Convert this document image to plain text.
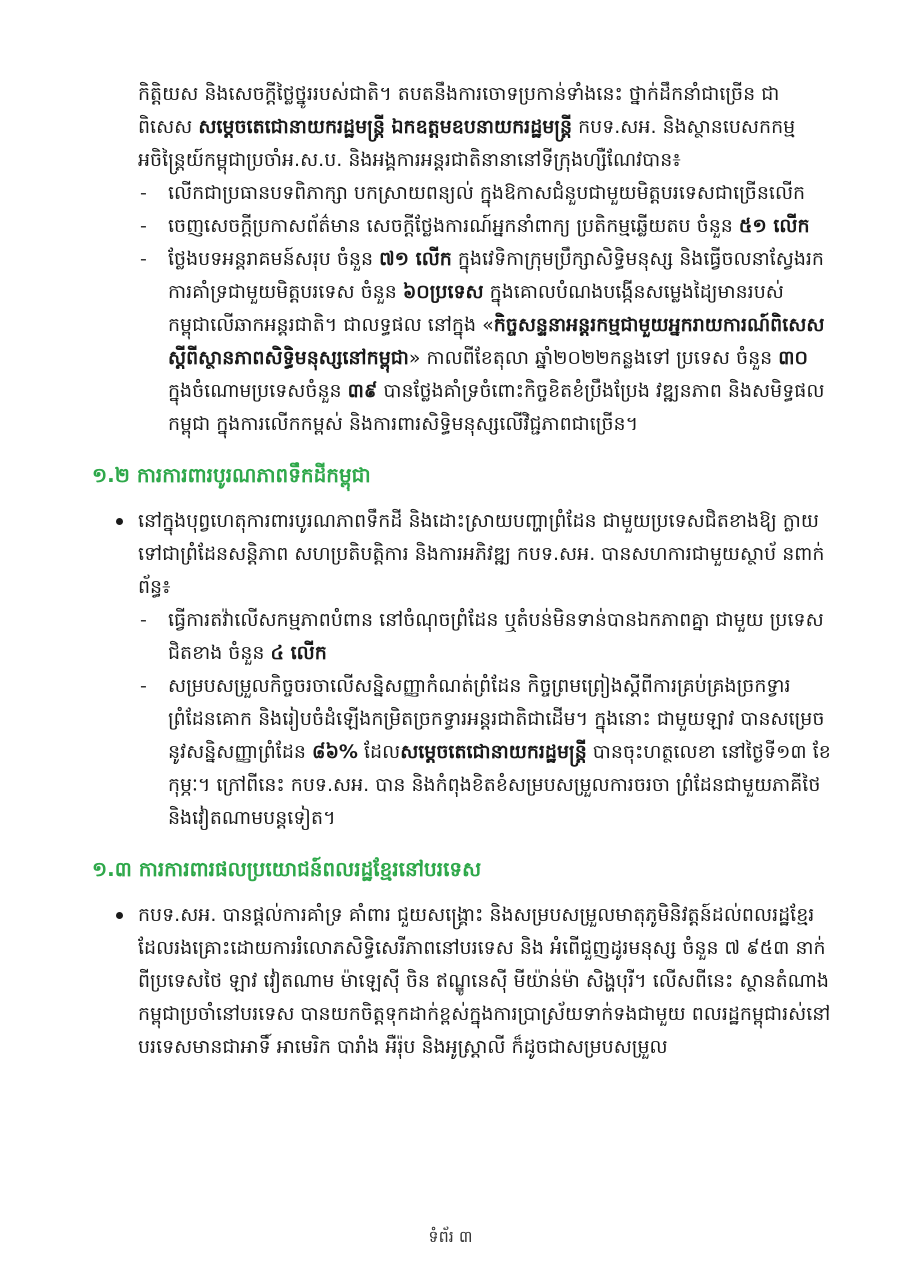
កិត្តិយស និងសេចក្ដីថ្លៃថ្នូររបស់ជាតិ។ តបតនឹងការចោទប្រកាន់ទាំងនេះ ថ្នាក់ដឹកនាំជាច្រើន ជាពិសេស សម្ដេចតេជោនាយករដ្ឋមន្ត្រី ឯកឧត្ដមឧបនាយករដ្ឋមន្ត្រី កបទ.សអ. និងស្ថានបេសកកម្ម អចិន្ត្រៃយ៍កម្ពុជាប្រចាំអ.ស.ប. និងអង្គការអន្តរជាតិនានានៅទីក្រុងហ្សឺណែវបាន៖

- លើកជាប្រធានបទពិភាក្សា បកស្រាយពន្យល់ ក្នុងឱកាសជំនួបជាមួយមិត្តបរទេសជាច្រើនលើក
- ចេញសេចក្ដីប្រកាសព័ត៌មាន សេចក្ដីថ្លែងការណ៍អ្នកនាំពាក្យ ប្រតិកម្មឆ្លើយតប ចំនួន ៥១ លើក
- ថ្លែងបទអន្តរាគមន៍សរុប ចំនួន ៧១ លើក ក្នុងវេទិកាក្រុមប្រឹក្សាសិទ្ធិមនុស្ស និងធ្វើចលនាស្វែងរក ការគាំទ្រជាមួយមិត្តបរទេស ចំនួន ៦០ប្រទេស ក្នុងគោលបំណងបង្កើនសម្លេងដៃ្យមានរបស់ កម្ពុជាលើឆាកអន្តរជាតិ។ ជាលទ្ធផល នៅក្នុង «កិច្ចសន្ទនាអន្តរកម្មជាមួយអ្នករាយការណ៍ពិសេស ស្ដីពីស្ថានភាពសិទ្ធិមនុស្សនៅកម្ពុជា» កាលពីខែតុលា ឆ្នាំ២០២២កន្លងទៅ ប្រទេស ចំនួន ៣០ ក្នុងចំណោមប្រទេសចំនួន ៣៩ បានថ្លែងគាំទ្រចំពោះកិច្ចខិតខំប្រឹងប្រែង វឌ្ឍនភាព និងសមិទ្ធផលកម្ពុជា ក្នុងការលើកកម្ពស់ និងការពារសិទ្ធិមនុស្សលើវិជ្ជភាពជាច្រើន។
១.២ ការការពារបូរណភាពទឹកដីកម្ពុជា
នៅក្នុងបុព្វហេតុការពារបូរណភាពទឹកដី និងដោះស្រាយបញ្ហាព្រំដែន ជាមួយប្រទេសជិតខាងឱ្យ ក្លាយទៅជាព្រំដែនសន្តិភាព សហប្រតិបត្តិការ និងការអភិវឌ្ឍ កបទ.សអ. បានសហការជាមួយស្ថាប័ នពាក់ព័ន្ធ៖
- ធ្វើការតវ៉ាលើសកម្មភាពបំពាន នៅចំណុចព្រំដែន ឬតំបន់មិនទាន់បានឯកភាពគ្នា ជាមួយ ប្រទេសជិតខាង ចំនួន ៤ លើក
- សម្របសម្រួលកិច្ចចរចាលើសន្និសញ្ញាកំណត់ព្រំដែន កិច្ចព្រមព្រៀងស្ដីពីការគ្រប់គ្រងច្រកទ្វារ ព្រំដែនគោក និងរៀបចំដំឡើងកម្រិតច្រកទ្វារអន្តរជាតិជាដើម។ ក្នុងនោះ ជាមួយឡាវ បានសម្រេចនូវសន្និសញ្ញាព្រំដែន ៨៦% ដែលសម្ដេចតេជោនាយករដ្ឋមន្ត្រី បានចុះហត្ថលេខា នៅថ្ងៃទី១៣ ខែកុម្ភៈ។ ក្រៅពីនេះ កបទ.សអ. បាន និងកំពុងខិតខំសម្របសម្រួលការចរចា ព្រំដែនជាមួយភាគីថៃ និងវៀតណាមបន្តទៀត។
១.៣ ការការពារផលប្រយោជន៍ពលរដ្ឋខ្មែរនៅបរទេស
កបទ.សអ. បានផ្ដល់ការគាំទ្រ គាំពារ ជួយសង្គ្រោះ និងសម្របសម្រួលមាតុភូមិនិវត្តន៍ដល់ពលរដ្ឋខ្មែរ ដែលរងគ្រោះដោយការរំលោភសិទ្ធិសេរីភាពនៅបរទេស និង អំពើជួញដូរមនុស្ស ចំនួន ៧ ៩៥៣ នាក់ ពីប្រទេសថៃ ឡាវ វៀតណាម ម៉ាឡេស៊ី ចិន ឥណ្ឌូនេស៊ី មីយ៉ាន់ម៉ា សិង្ហបុរី។ លើសពីនេះ ស្ថានតំណាងកម្ពុជាប្រចាំនៅបរទេស បានយកចិត្តទុកដាក់ខ្ពស់ក្នុងការប្រាស្រ័យទាក់ទងជាមួយ ពលរដ្ឋកម្ពុជារស់នៅបរទេសមានជាអាទិ៍ អាមេរិក បារាំង អឺរ៉ុប និងអូស្ត្រាលី ក៏ដូចជាសម្របសម្រួល
ទំព័រ ៣
